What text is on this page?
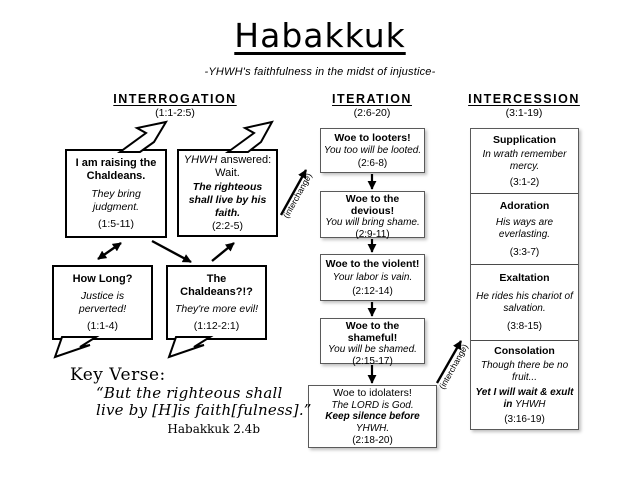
Habakkuk
-YHWH's faithfulness in the midst of injustice-
INTERROGATION
(1:1-2:5)
ITERATION
(2:6-20)
INTERCESSION
(3:1-19)
I am raising the Chaldeans.
They bring judgment.
(1:5-11)
YHWH answered: Wait.
The righteous shall live by his faith.
(2:2-5)
How Long?
Justice is perverted!
(1:1-4)
The Chaldeans?!?
They're more evil!
(1:12-2:1)
Woe to looters!
You too will be looted.
(2:6-8)
Woe to the devious!
You will bring shame.
(2:9-11)
Woe to the violent!
Your labor is vain.
(2:12-14)
Woe to the shameful!
You will be shamed.
(2:15-17)
Woe to idolaters!
The LORD is God.
Keep silence before YHWH.
(2:18-20)
Supplication
In wrath remember mercy.
(3:1-2)
Adoration
His ways are everlasting.
(3:3-7)
Exaltation
He rides his chariot of salvation.
(3:8-15)
Consolation
Though there be no fruit...
Yet I will wait & exult in YHWH
(3:16-19)
Key Verse:
“But the righteous shall
live by [H]is faith[fulness].”
Habakkuk 2.4b
(interchange)
(interchange)
